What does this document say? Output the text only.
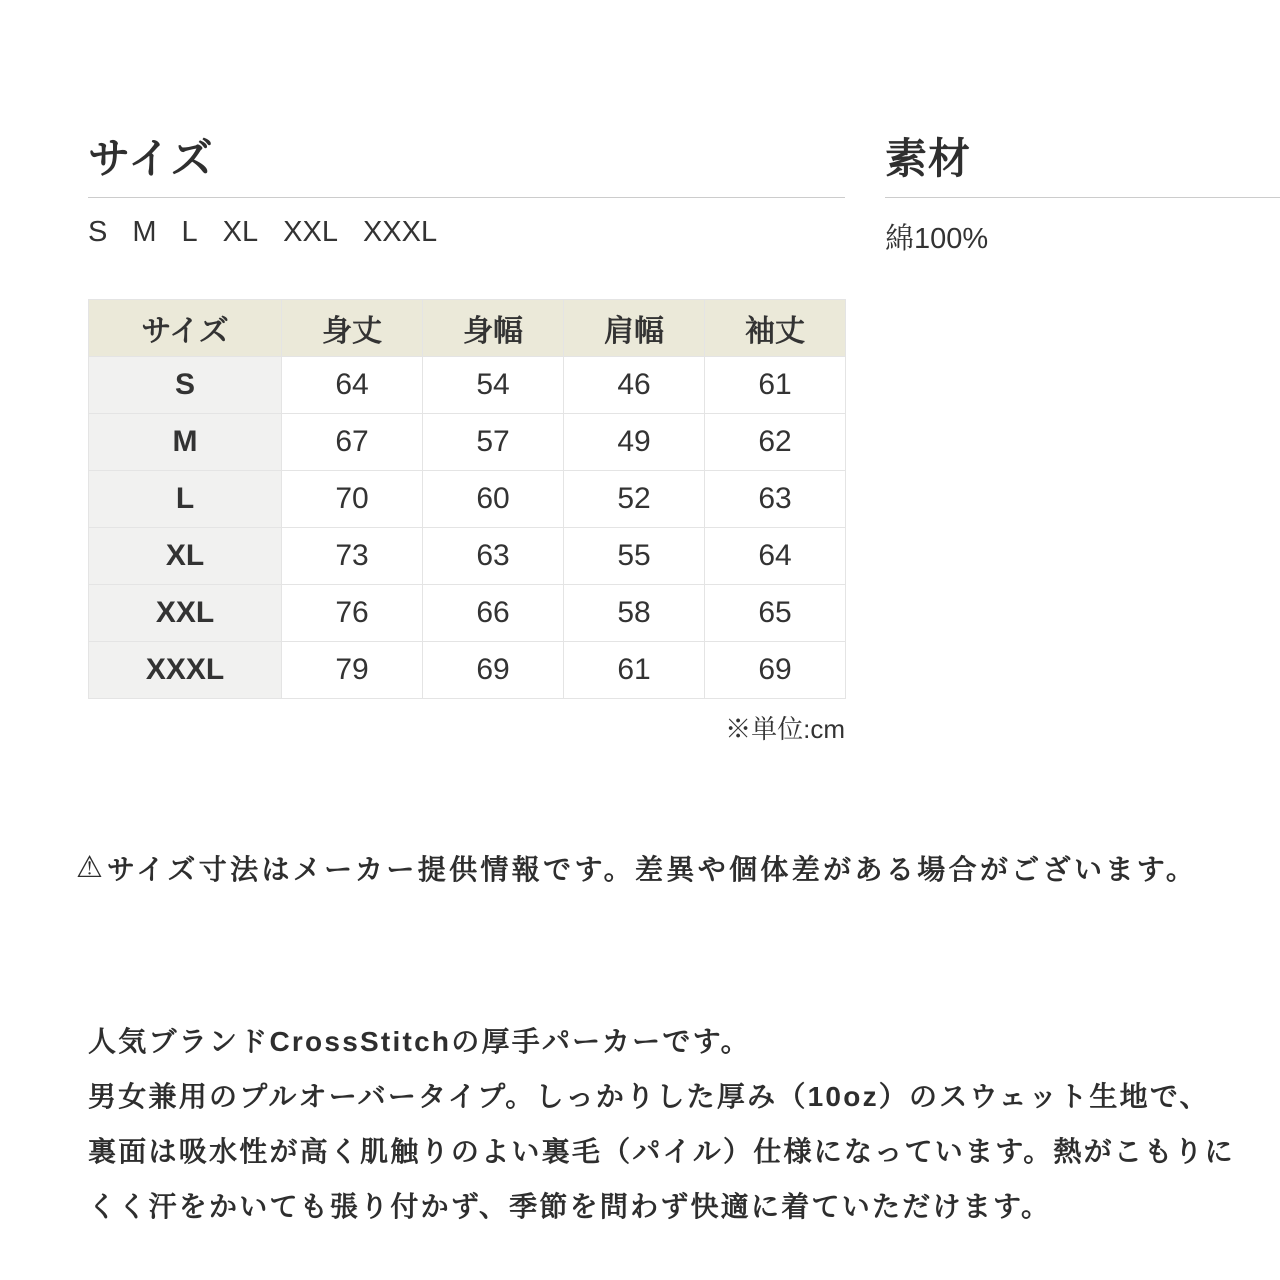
サイズ
S M L XL XXL XXXL
サイズ	身丈	身幅	肩幅	袖丈
S	64	54	46	61
M	67	57	49	62
L	70	60	52	63
XL	73	63	55	64
XXL	76	66	58	65
XXXL	79	69	61	69
※単位:cm
素材
綿100%
⚠ サイズ寸法はメーカー提供情報です。差異や個体差がある場合がございます。

人気ブランドCrossStitchの厚手パーカーです。

男女兼用のプルオーバータイプ。しっかりした厚み（10oz）のスウェット生地で、裏面は吸水性が高く肌触りのよい裏毛（パイル）仕様になっています。熱がこもりにくく汗をかいても張り付かず、季節を問わず快適に着ていただけます。
